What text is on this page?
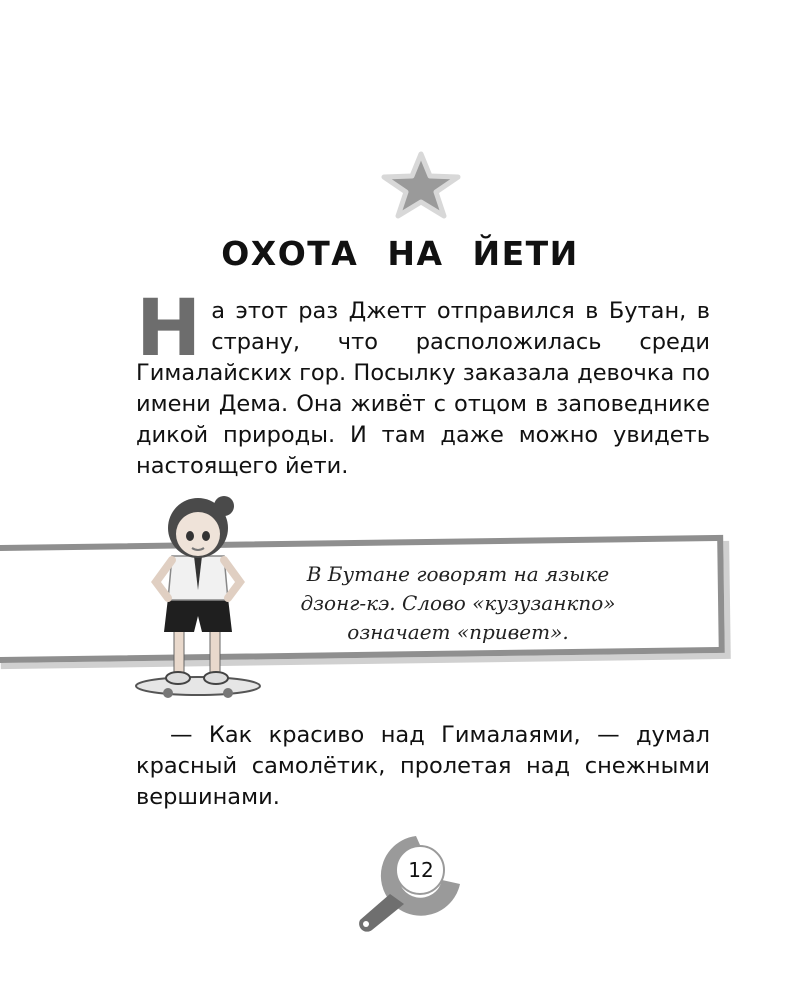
ОХОТА НА ЙЕТИ

Н а этот раз Джетт отправился в Бутан, в страну, что расположилась среди Гималайских гор. Посылку заказала девочка по имени Дема. Она живёт с отцом в заповеднике дикой природы. И там даже можно увидеть настоящего йети.

В Бутане говорят на языке
дзонг-кэ. Слово «кузузанкпо»
означает «привет».

— Как красиво над Гималаями, — думал красный самолётик, пролетая над снежными вершинами.

12
